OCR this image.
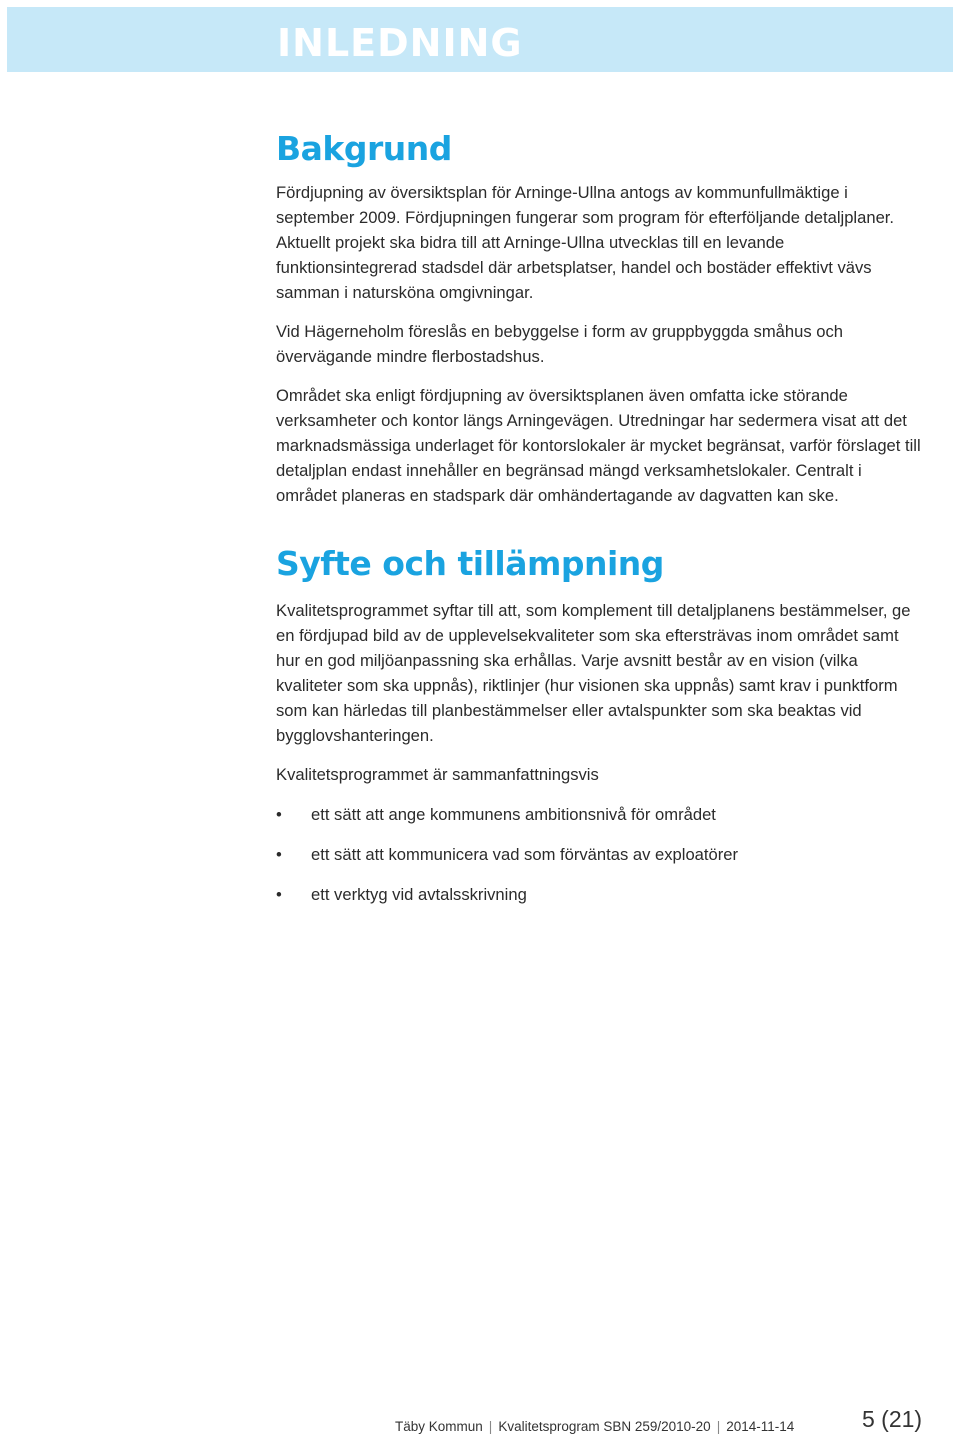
INLEDNING
Bakgrund

Fördjupning av översiktsplan för Arninge-Ullna antogs av kommunfullmäktige i september 2009. Fördjupningen fungerar som program för efterföljande detaljplaner. Aktuellt projekt ska bidra till att Arninge-Ullna utvecklas till en levande funktionsintegrerad stadsdel där arbetsplatser, handel och bostäder effektivt vävs samman i natursköna omgivningar.

Vid Hägerneholm föreslås en bebyggelse i form av gruppbyggda småhus och övervägande mindre flerbostadshus.

Området ska enligt fördjupning av översiktsplanen även omfatta icke störande verksamheter och kontor längs Arningevägen. Utredningar har sedermera visat att det marknadsmässiga underlaget för kontorslokaler är mycket begränsat, varför förslaget till detaljplan endast innehåller en begränsad mängd verksamhetslokaler. Centralt i området planeras en stadspark där omhändertagande av dagvatten kan ske.

Syfte och tillämpning

Kvalitetsprogrammet syftar till att, som komplement till detaljplanens bestämmelser, ge en fördjupad bild av de upplevelsekvaliteter som ska eftersträvas inom området samt hur en god miljöanpassning ska erhållas. Varje avsnitt består av en vision (vilka kvaliteter som ska uppnås), riktlinjer (hur visionen ska uppnås) samt krav i punktform som kan härledas till planbestämmelser eller avtalspunkter som ska beaktas vid bygglovshanteringen.

Kvalitetsprogrammet är sammanfattningsvis

• ett sätt att ange kommunens ambitionsnivå för området
• ett sätt att kommunicera vad som förväntas av exploatörer
• ett verktyg vid avtalsskrivning
Täby Kommun | Kvalitetsprogram SBN 259/2010-20 | 2014-11-14	5 (21)
